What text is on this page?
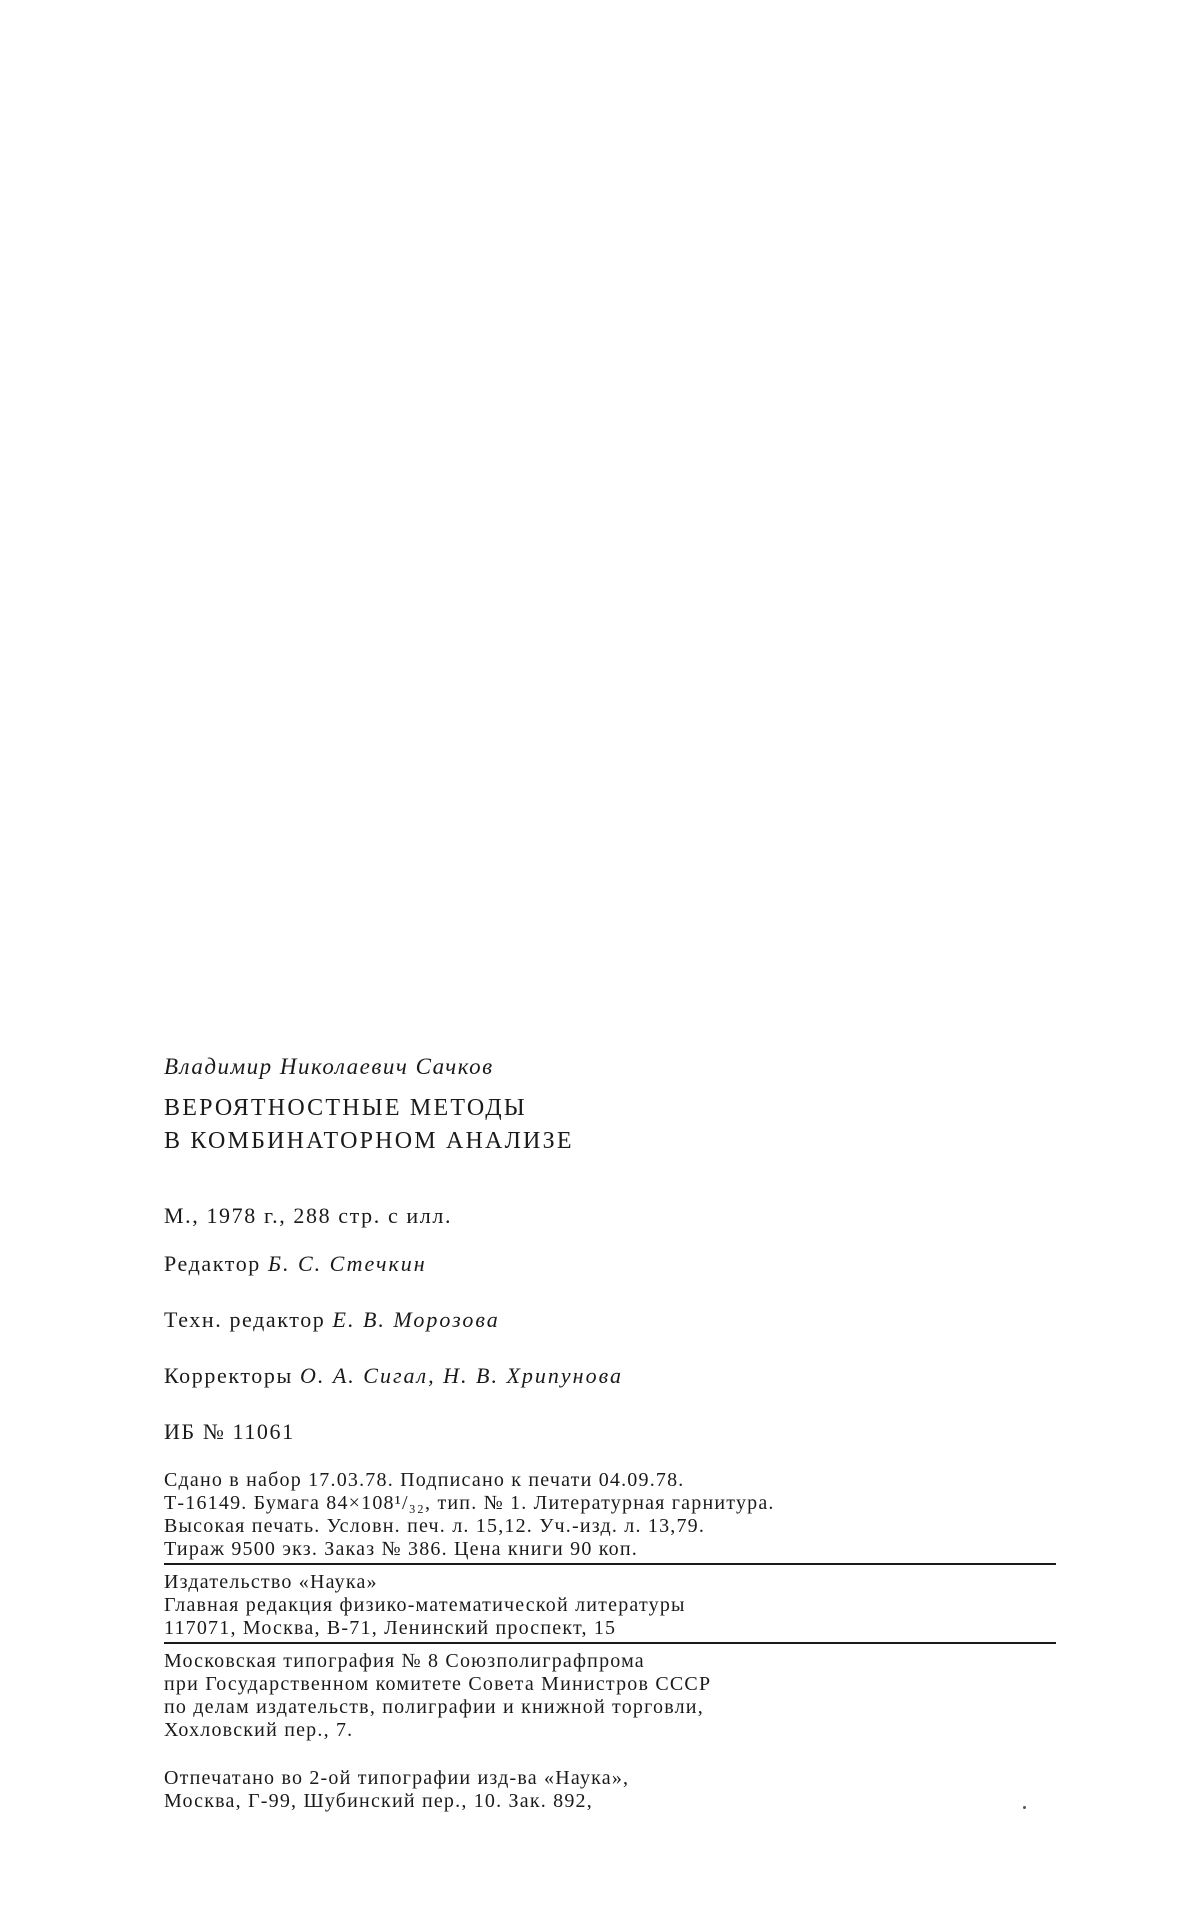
Владимир Николаевич Сачков

ВЕРОЯТНОСТНЫЕ МЕТОДЫ

В КОМБИНАТОРНОМ АНАЛИЗЕ

М., 1978 г., 288 стр. с илл.

Редактор Б. С. Стечкин

Техн. редактор Е. В. Морозова

Корректоры О. А. Сигал, Н. В. Хрипунова

ИБ № 11061

Сдано в набор 17.03.78. Подписано к печати 04.09.78.

Т-16149. Бумага 84×108¹/₃₂, тип. № 1. Литературная гарнитура.

Высокая печать. Условн. печ. л. 15,12. Уч.-изд. л. 13,79.

Тираж 9500 экз. Заказ № 386. Цена книги 90 коп.

Издательство «Наука»

Главная редакция физико-математической литературы

117071, Москва, В-71, Ленинский проспект, 15

Московская типография № 8 Союзполиграфпрома

при Государственном комитете Совета Министров СССР

по делам издательств, полиграфии и книжной торговли,

Хохловский пер., 7.

Отпечатано во 2-ой типографии изд-ва «Наука»,

Москва, Г-99, Шубинский пер., 10. Зак. 892,
